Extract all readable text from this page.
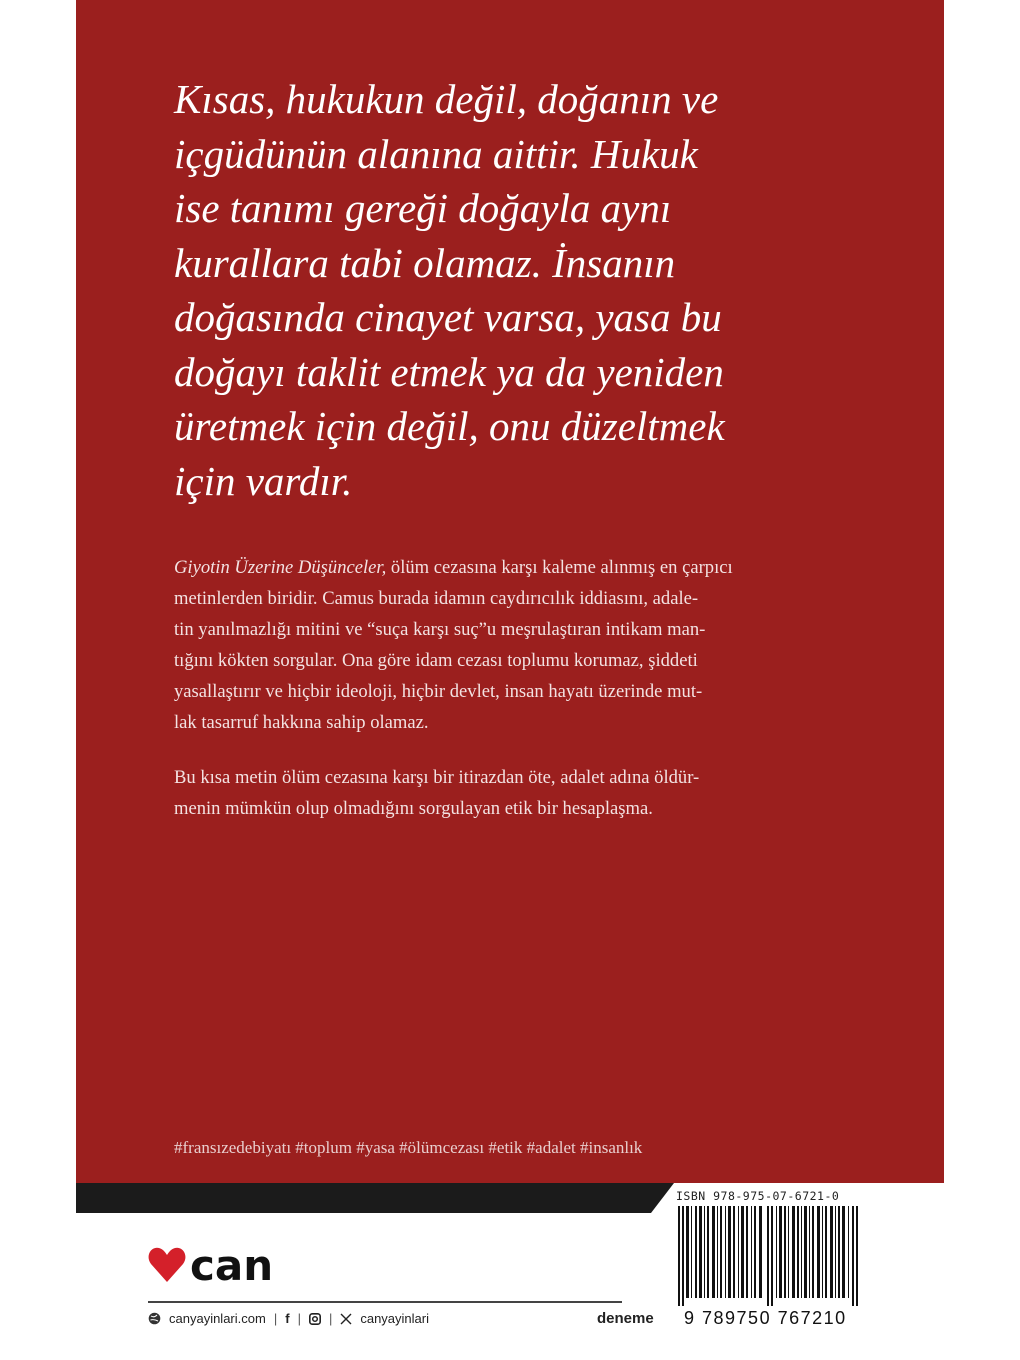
Kısas, hukukun değil, doğanın ve
içgüdünün alanına aittir. Hukuk
ise tanımı gereği doğayla aynı
kurallara tabi olamaz. İnsanın
doğasında cinayet varsa, yasa bu
doğayı taklit etmek ya da yeniden
üretmek için değil, onu düzeltmek
için vardır.

Giyotin Üzerine Düşünceler, ölüm cezasına karşı kaleme alınmış en çarpıcı
metinlerden biridir. Camus burada idamın caydırıcılık iddiasını, adale-
tin yanılmazlığı mitini ve “suça karşı suç”u meşrulaştıran intikam man-
tığını kökten sorgular. Ona göre idam cezası toplumu korumaz, şiddeti
yasallaştırır ve hiçbir ideoloji, hiçbir devlet, insan hayatı üzerinde mut-
lak tasarruf hakkına sahip olamaz.

Bu kısa metin ölüm cezasına karşı bir itirazdan öte, adalet adına öldür-
menin mümkün olup olmadığını sorgulayan etik bir hesaplaşma.

#fransızedebiyatı #toplum #yasa #ölümcezası #etik #adalet #insanlık
can
canyayinlari.com | f | | canyayinlari	deneme
ISBN 978-975-07-6721-0
9 789750 767210
